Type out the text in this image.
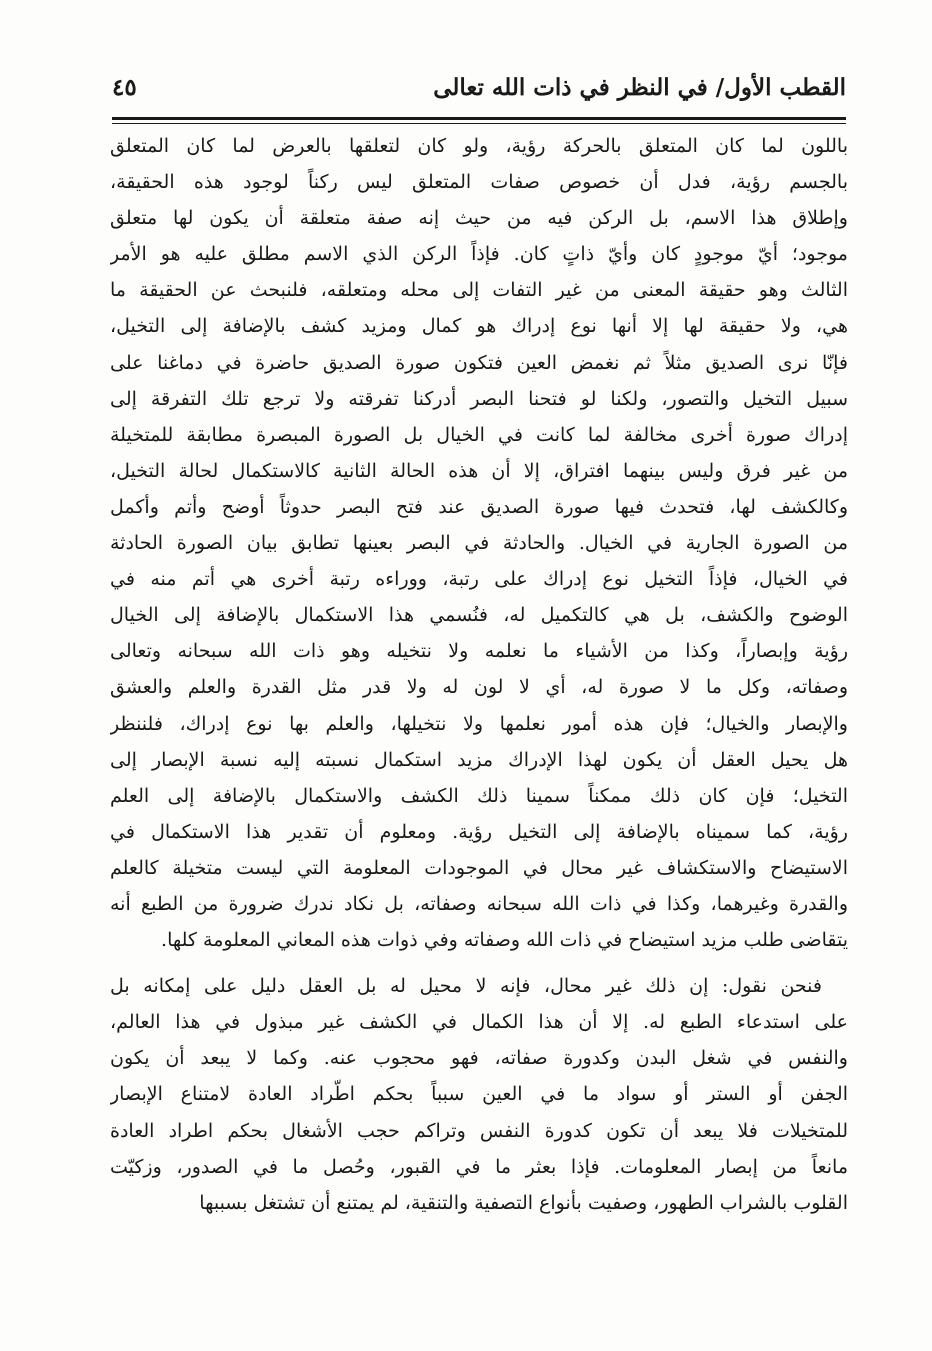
القطب الأول/ في النظر في ذات الله تعالى
٤٥
باللون لما كان المتعلق بالحركة رؤية، ولو كان لتعلقها بالعرض لما كان المتعلق
بالجسم رؤية، فدل أن خصوص صفات المتعلق ليس ركناً لوجود هذه الحقيقة،
وإطلاق هذا الاسم، بل الركن فيه من حيث إنه صفة متعلقة أن يكون لها متعلق
موجود؛ أيّ موجودٍ كان وأيّ ذاتٍ كان. فإذاً الركن الذي الاسم مطلق عليه هو الأمر
الثالث وهو حقيقة المعنى من غير التفات إلى محله ومتعلقه، فلنبحث عن الحقيقة ما
هي، ولا حقيقة لها إلا أنها نوع إدراك هو كمال ومزيد كشف بالإضافة إلى التخيل،
فإنّا نرى الصديق مثلاً ثم نغمض العين فتكون صورة الصديق حاضرة في دماغنا على
سبيل التخيل والتصور، ولكنا لو فتحنا البصر أدركنا تفرقته ولا ترجع تلك التفرقة إلى
إدراك صورة أخرى مخالفة لما كانت في الخيال بل الصورة المبصرة مطابقة للمتخيلة
من غير فرق وليس بينهما افتراق، إلا أن هذه الحالة الثانية كالاستكمال لحالة التخيل،
وكالكشف لها، فتحدث فيها صورة الصديق عند فتح البصر حدوثاً أوضح وأتم وأكمل
من الصورة الجارية في الخيال. والحادثة في البصر بعينها تطابق بيان الصورة الحادثة
في الخيال، فإذاً التخيل نوع إدراك على رتبة، ووراءه رتبة أخرى هي أتم منه في
الوضوح والكشف، بل هي كالتكميل له، فنُسمي هذا الاستكمال بالإضافة إلى الخيال
رؤية وإبصاراً، وكذا من الأشياء ما نعلمه ولا نتخيله وهو ذات الله سبحانه وتعالى
وصفاته، وكل ما لا صورة له، أي لا لون له ولا قدر مثل القدرة والعلم والعشق
والإبصار والخيال؛ فإن هذه أمور نعلمها ولا نتخيلها، والعلم بها نوع إدراك، فلننظر
هل يحيل العقل أن يكون لهذا الإدراك مزيد استكمال نسبته إليه نسبة الإبصار إلى
التخيل؛ فإن كان ذلك ممكناً سمينا ذلك الكشف والاستكمال بالإضافة إلى العلم
رؤية، كما سميناه بالإضافة إلى التخيل رؤية. ومعلوم أن تقدير هذا الاستكمال في
الاستيضاح والاستكشاف غير محال في الموجودات المعلومة التي ليست متخيلة كالعلم
والقدرة وغيرهما، وكذا في ذات الله سبحانه وصفاته، بل نكاد ندرك ضرورة من الطبع أنه
يتقاضى طلب مزيد استيضاح في ذات الله وصفاته وفي ذوات هذه المعاني المعلومة كلها.
فنحن نقول: إن ذلك غير محال، فإنه لا محيل له بل العقل دليل على إمكانه بل
على استدعاء الطبع له. إلا أن هذا الكمال في الكشف غير مبذول في هذا العالم،
والنفس في شغل البدن وكدورة صفاته، فهو محجوب عنه. وكما لا يبعد أن يكون
الجفن أو الستر أو سواد ما في العين سبباً بحكم اطّراد العادة لامتناع الإبصار
للمتخيلات فلا يبعد أن تكون كدورة النفس وتراكم حجب الأشغال بحكم اطراد العادة
مانعاً من إبصار المعلومات. فإذا بعثر ما في القبور، وحُصل ما في الصدور، وزكيّت
القلوب بالشراب الطهور، وصفيت بأنواع التصفية والتنقية، لم يمتنع أن تشتغل بسببها
